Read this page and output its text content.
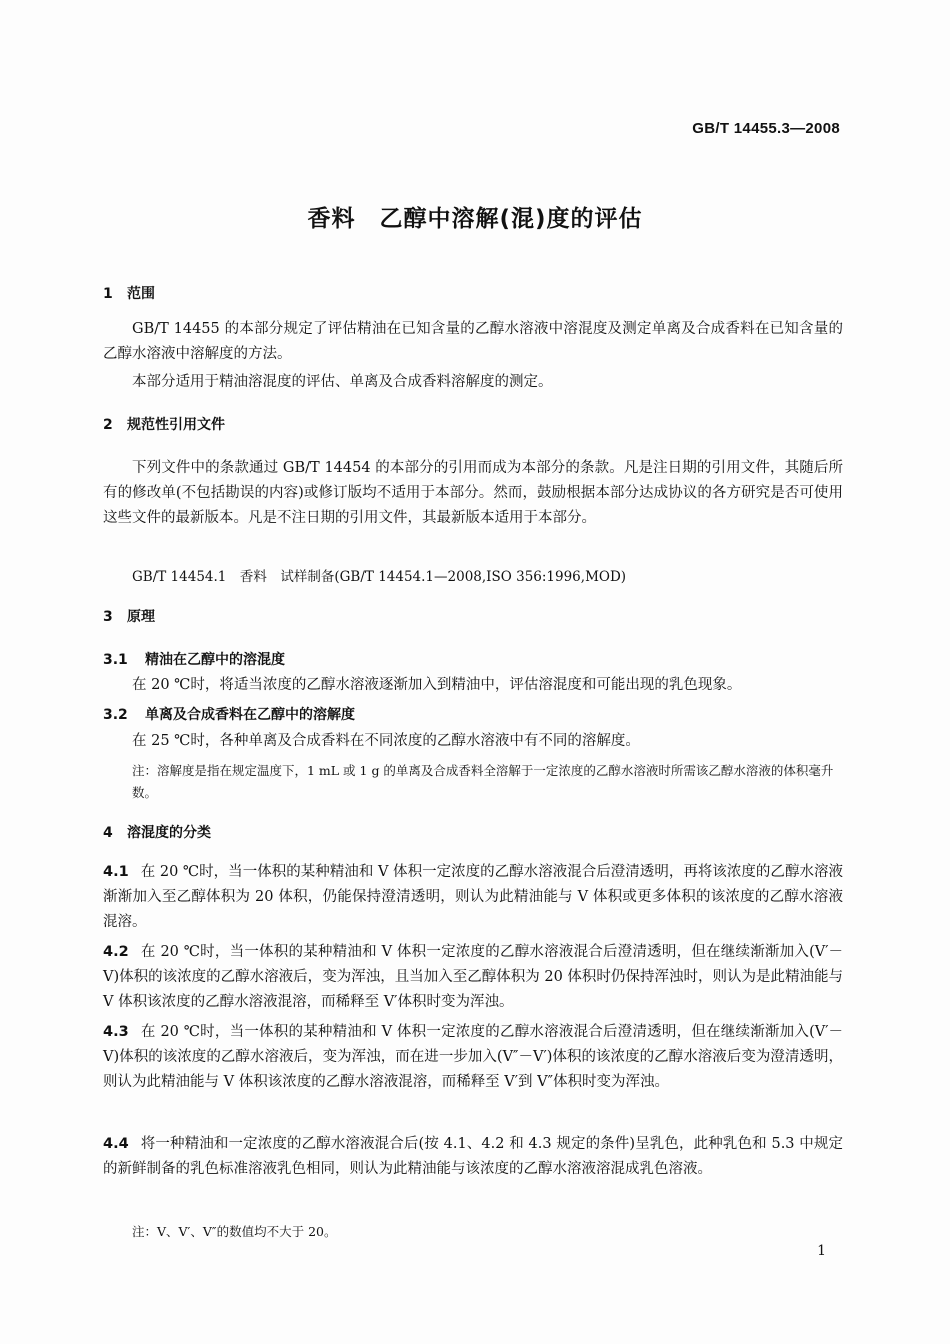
GB/T 14455.3—2008
香料　乙醇中溶解(混)度的评估
1 范围
GB/T 14455 的本部分规定了评估精油在已知含量的乙醇水溶液中溶混度及测定单离及合成香料在已知含量的乙醇水溶液中溶解度的方法。
本部分适用于精油溶混度的评估、单离及合成香料溶解度的测定。
2 规范性引用文件
下列文件中的条款通过 GB/T 14454 的本部分的引用而成为本部分的条款。凡是注日期的引用文件，其随后所有的修改单(不包括勘误的内容)或修订版均不适用于本部分。然而，鼓励根据本部分达成协议的各方研究是否可使用这些文件的最新版本。凡是不注日期的引用文件，其最新版本适用于本部分。
GB/T 14454.1　香料　试样制备(GB/T 14454.1—2008,ISO 356:1996,MOD)
3 原理
3.1 精油在乙醇中的溶混度
在 20 ℃时，将适当浓度的乙醇水溶液逐渐加入到精油中，评估溶混度和可能出现的乳色现象。
3.2 单离及合成香料在乙醇中的溶解度
在 25 ℃时，各种单离及合成香料在不同浓度的乙醇水溶液中有不同的溶解度。
注：溶解度是指在规定温度下，1 mL 或 1 g 的单离及合成香料全溶解于一定浓度的乙醇水溶液时所需该乙醇水溶液的体积毫升数。
4 溶混度的分类
4.1 在 20 ℃时，当一体积的某种精油和 V 体积一定浓度的乙醇水溶液混合后澄清透明，再将该浓度的乙醇水溶液渐渐加入至乙醇体积为 20 体积，仍能保持澄清透明，则认为此精油能与 V 体积或更多体积的该浓度的乙醇水溶液混溶。
4.2 在 20 ℃时，当一体积的某种精油和 V 体积一定浓度的乙醇水溶液混合后澄清透明，但在继续渐渐加入(V′－V)体积的该浓度的乙醇水溶液后，变为浑浊，且当加入至乙醇体积为 20 体积时仍保持浑浊时，则认为是此精油能与 V 体积该浓度的乙醇水溶液混溶，而稀释至 V′体积时变为浑浊。
4.3 在 20 ℃时，当一体积的某种精油和 V 体积一定浓度的乙醇水溶液混合后澄清透明，但在继续渐渐加入(V′－V)体积的该浓度的乙醇水溶液后，变为浑浊，而在进一步加入(V″－V′)体积的该浓度的乙醇水溶液后变为澄清透明，则认为此精油能与 V 体积该浓度的乙醇水溶液混溶，而稀释至 V′到 V″体积时变为浑浊。
4.4 将一种精油和一定浓度的乙醇水溶液混合后(按 4.1、4.2 和 4.3 规定的条件)呈乳色，此种乳色和 5.3 中规定的新鲜制备的乳色标准溶液乳色相同，则认为此精油能与该浓度的乙醇水溶液溶混成乳色溶液。
注：V、V′、V″的数值均不大于 20。
1
